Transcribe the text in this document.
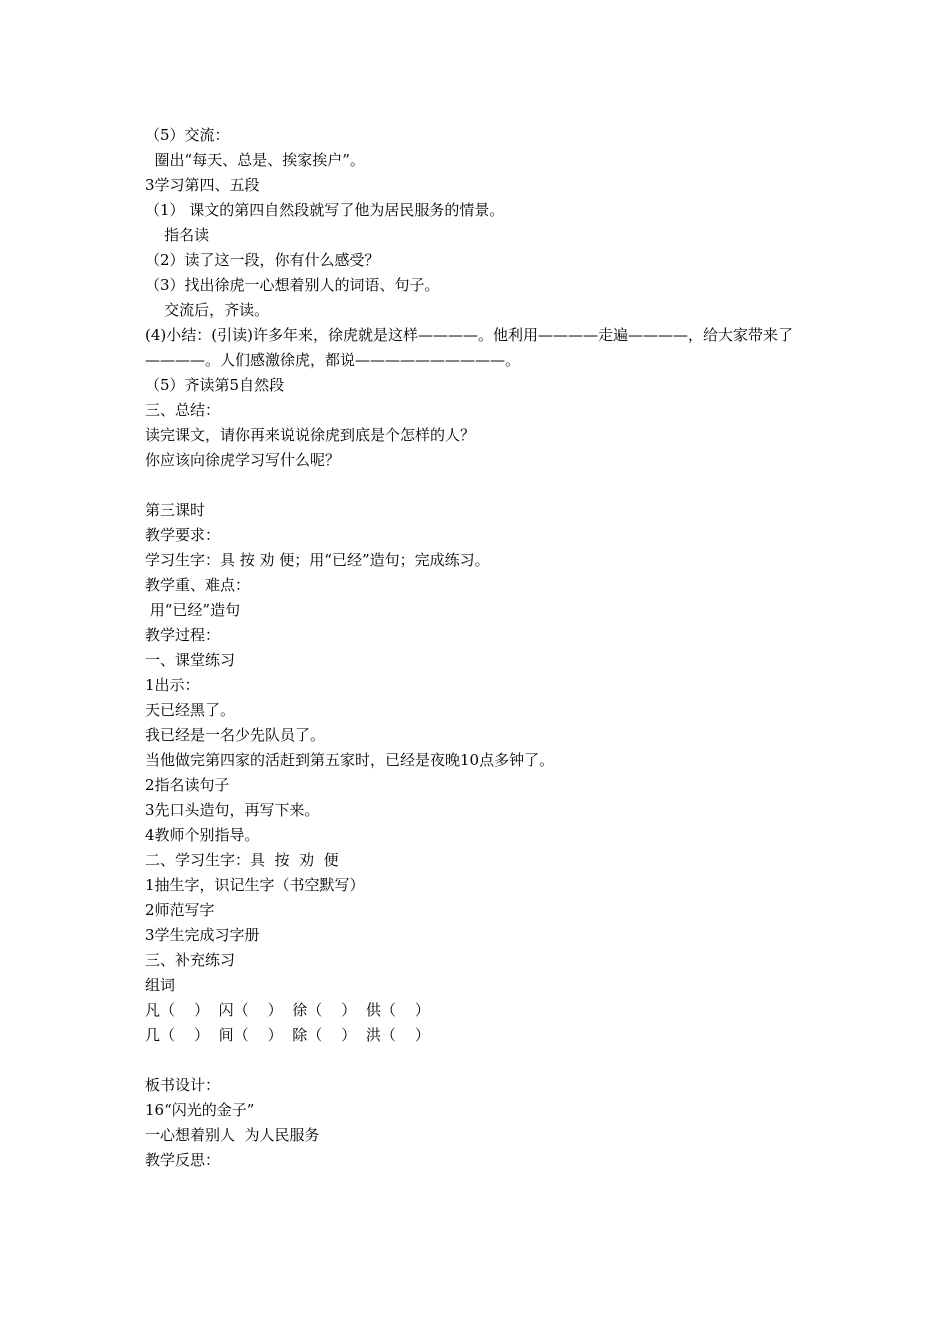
（5）交流：
圈出“每天、总是、挨家挨户”。
3学习第四、五段
（1） 课文的第四自然段就写了他为居民服务的情景。
指名读
（2）读了这一段，你有什么感受？
（3）找出徐虎一心想着别人的词语、句子。
交流后，齐读。
(4)小结：(引读)许多年来，徐虎就是这样————。他利用————走遍————，给大家带来了————。人们感激徐虎，都说——————————。
（5）齐读第5自然段
三、总结：
读完课文，请你再来说说徐虎到底是个怎样的人？
你应该向徐虎学习写什么呢？
第三课时
教学要求：
学习生字：具 按 劝 便；用“已经”造句；完成练习。
教学重、难点：
用“已经”造句
教学过程：
一、课堂练习
1出示：
天已经黑了。
我已经是一名少先队员了。
当他做完第四家的活赶到第五家时，已经是夜晚10点多钟了。
2指名读句子
3先口头造句，再写下来。
4教师个别指导。
二、学习生字：具  按  劝  便
1抽生字，识记生字（书空默写）
2师范写字
3学生完成习字册
三、补充练习
组词
凡（    ）  闪（    ）  徐（    ）  供（    ）
几（    ）  间（    ）  除（    ）  洪（    ）
板书设计：
16“闪光的金子”
一心想着别人  为人民服务
教学反思：
